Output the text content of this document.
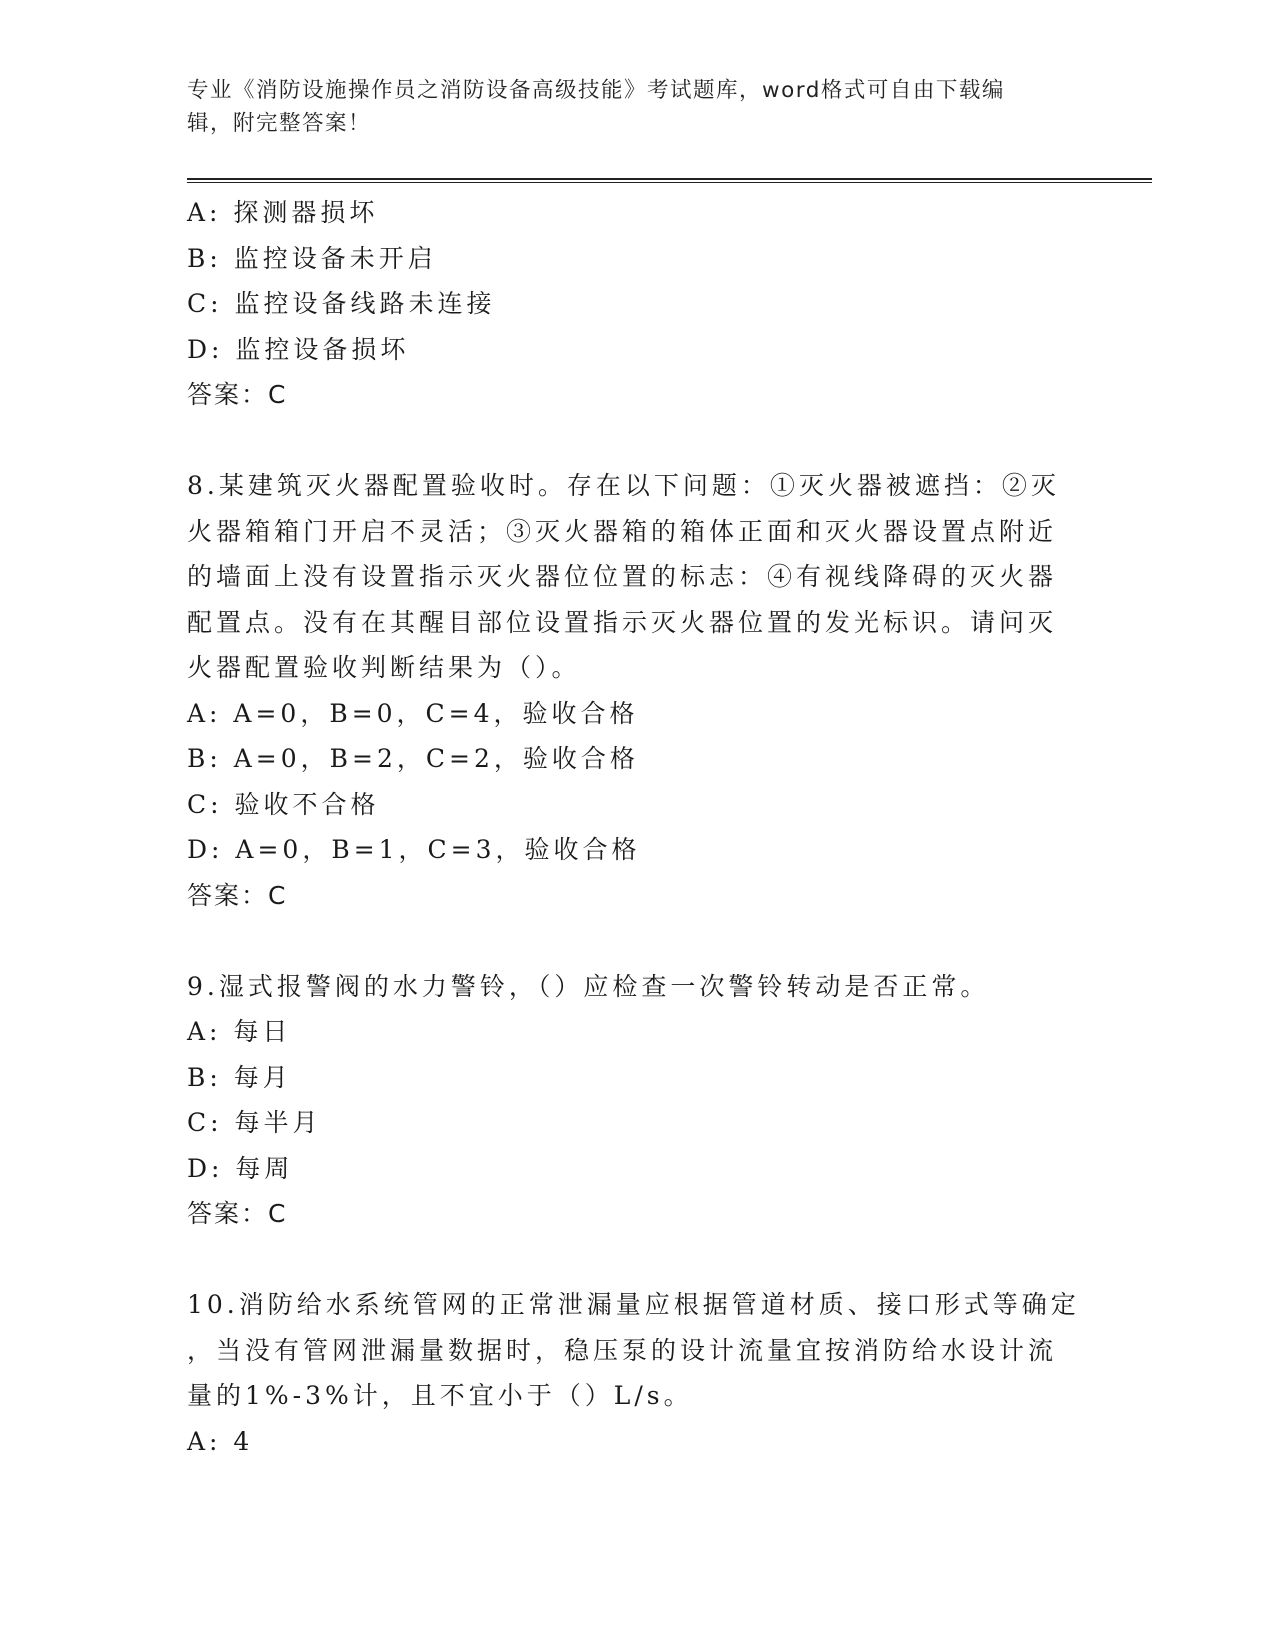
专业《消防设施操作员之消防设备高级技能》考试题库，word格式可自由下载编
辑，附完整答案！
A: 探测器损坏
B: 监控设备未开启
C: 监控设备线路未连接
D: 监控设备损坏
答案：C
8.某建筑灭火器配置验收时。存在以下问题：①灭火器被遮挡：②灭
火器箱箱门开启不灵活；③灭火器箱的箱体正面和灭火器设置点附近
的墙面上没有设置指示灭火器位位置的标志：④有视线降碍的灭火器
配置点。没有在其醒目部位设置指示灭火器位置的发光标识。请问灭
火器配置验收判断结果为（）。
A: A=0，B=0，C=4，验收合格
B: A=0，B=2，C=2，验收合格
C: 验收不合格
D: A=0，B=1，C=3，验收合格
答案：C
9.湿式报警阀的水力警铃，（）应检查一次警铃转动是否正常。
A: 每日
B: 每月
C: 每半月
D: 每周
答案：C
10.消防给水系统管网的正常泄漏量应根据管道材质、接口形式等确定
，当没有管网泄漏量数据时，稳压泵的设计流量宜按消防给水设计流
量的1%-3%计，且不宜小于（）L/s。
A: 4
